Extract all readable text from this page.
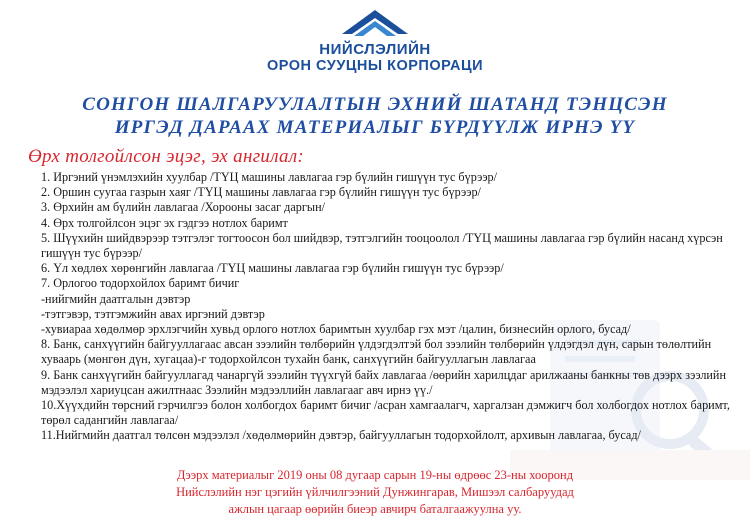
НИЙСЛЭЛИЙН
ОРОН СУУЦНЫ КОРПОРАЦИ
СОНГОН ШАЛГАРУУЛАЛТЫН ЭХНИЙ ШАТАНД ТЭНЦСЭН
ИРГЭД ДАРААХ МАТЕРИАЛЫГ БҮРДҮҮЛЖ ИРНЭ ҮҮ
Өрх толгойлсон эцэг, эх ангилал:

1. Иргэний үнэмлэхийн хуулбар /ТҮЦ машины лавлагаа гэр бүлийн гишүүн тус бүрээр/

2. Оршин суугаа газрын хаяг /ТҮЦ машины лавлагаа гэр бүлийн гишүүн тус бүрээр/

3. Өрхийн ам бүлийн лавлагаа /Хорооны засаг даргын/

4. Өрх толгойлсон эцэг эх гэдгээ нотлох баримт

5. Шүүхийн шийдвэрээр тэтгэлэг тогтоосон бол шийдвэр, тэтгэлгийн тооцоолол /ТҮЦ машины лавлагаа гэр бүлийн насанд хүрсэн гишүүн тус бүрээр/

6. Үл хөдлөх хөрөнгийн лавлагаа /ТҮЦ машины лавлагаа гэр бүлийн гишүүн тус бүрээр/

7. Орлогоо тодорхойлох баримт бичиг

-нийгмийн даатгалын дэвтэр

-тэтгэвэр, тэтгэмжийн авах иргэний дэвтэр

-хувиараа хөдөлмөр эрхлэгчийн хувьд орлого нотлох баримтын хуулбар гэх мэт /цалин, бизнесийн орлого, бусад/

8. Банк, санхүүгийн байгууллагаас авсан зээлийн төлбөрийн үлдэгдэлтэй бол зээлийн төлбөрийн үлдэгдэл дүн, сарын төлөлтийн хуваарь (мөнгөн дүн, хугацаа)-г тодорхойлсон тухайн банк, санхүүгийн байгууллагын лавлагаа

9. Банк санхүүгийн байгууллагад чанаргүй зээлийн түүхгүй байх лавлагаа /өөрийн харилцдаг арилжааны банкны төв дээрх зээлийн мэдээлэл хариуцсан ажилтнаас Зээлийн мэдээллийн лавлагааг авч ирнэ үү./

10.Хүүхдийн төрсний гэрчилгээ болон холбогдох баримт бичиг /асран хамгаалагч, харгалзан дэмжигч бол холбогдох нотлох баримт, төрөл садангийн лавлагаа/

11.Нийгмийн даатгал төлсөн мэдээлэл /хөдөлмөрийн дэвтэр, байгууллагын тодорхойлолт, архивын лавлагаа, бусад/

Дээрх материалыг 2019 оны 08 дугаар сарын 19-ны өдрөөс 23-ны хооронд
Нийслэлийн нэг цэгийн үйлчилгээний Дунжингарав, Мишээл салбаруудад
ажлын цагаар өөрийн биеэр авчирч баталгаажуулна уу.
